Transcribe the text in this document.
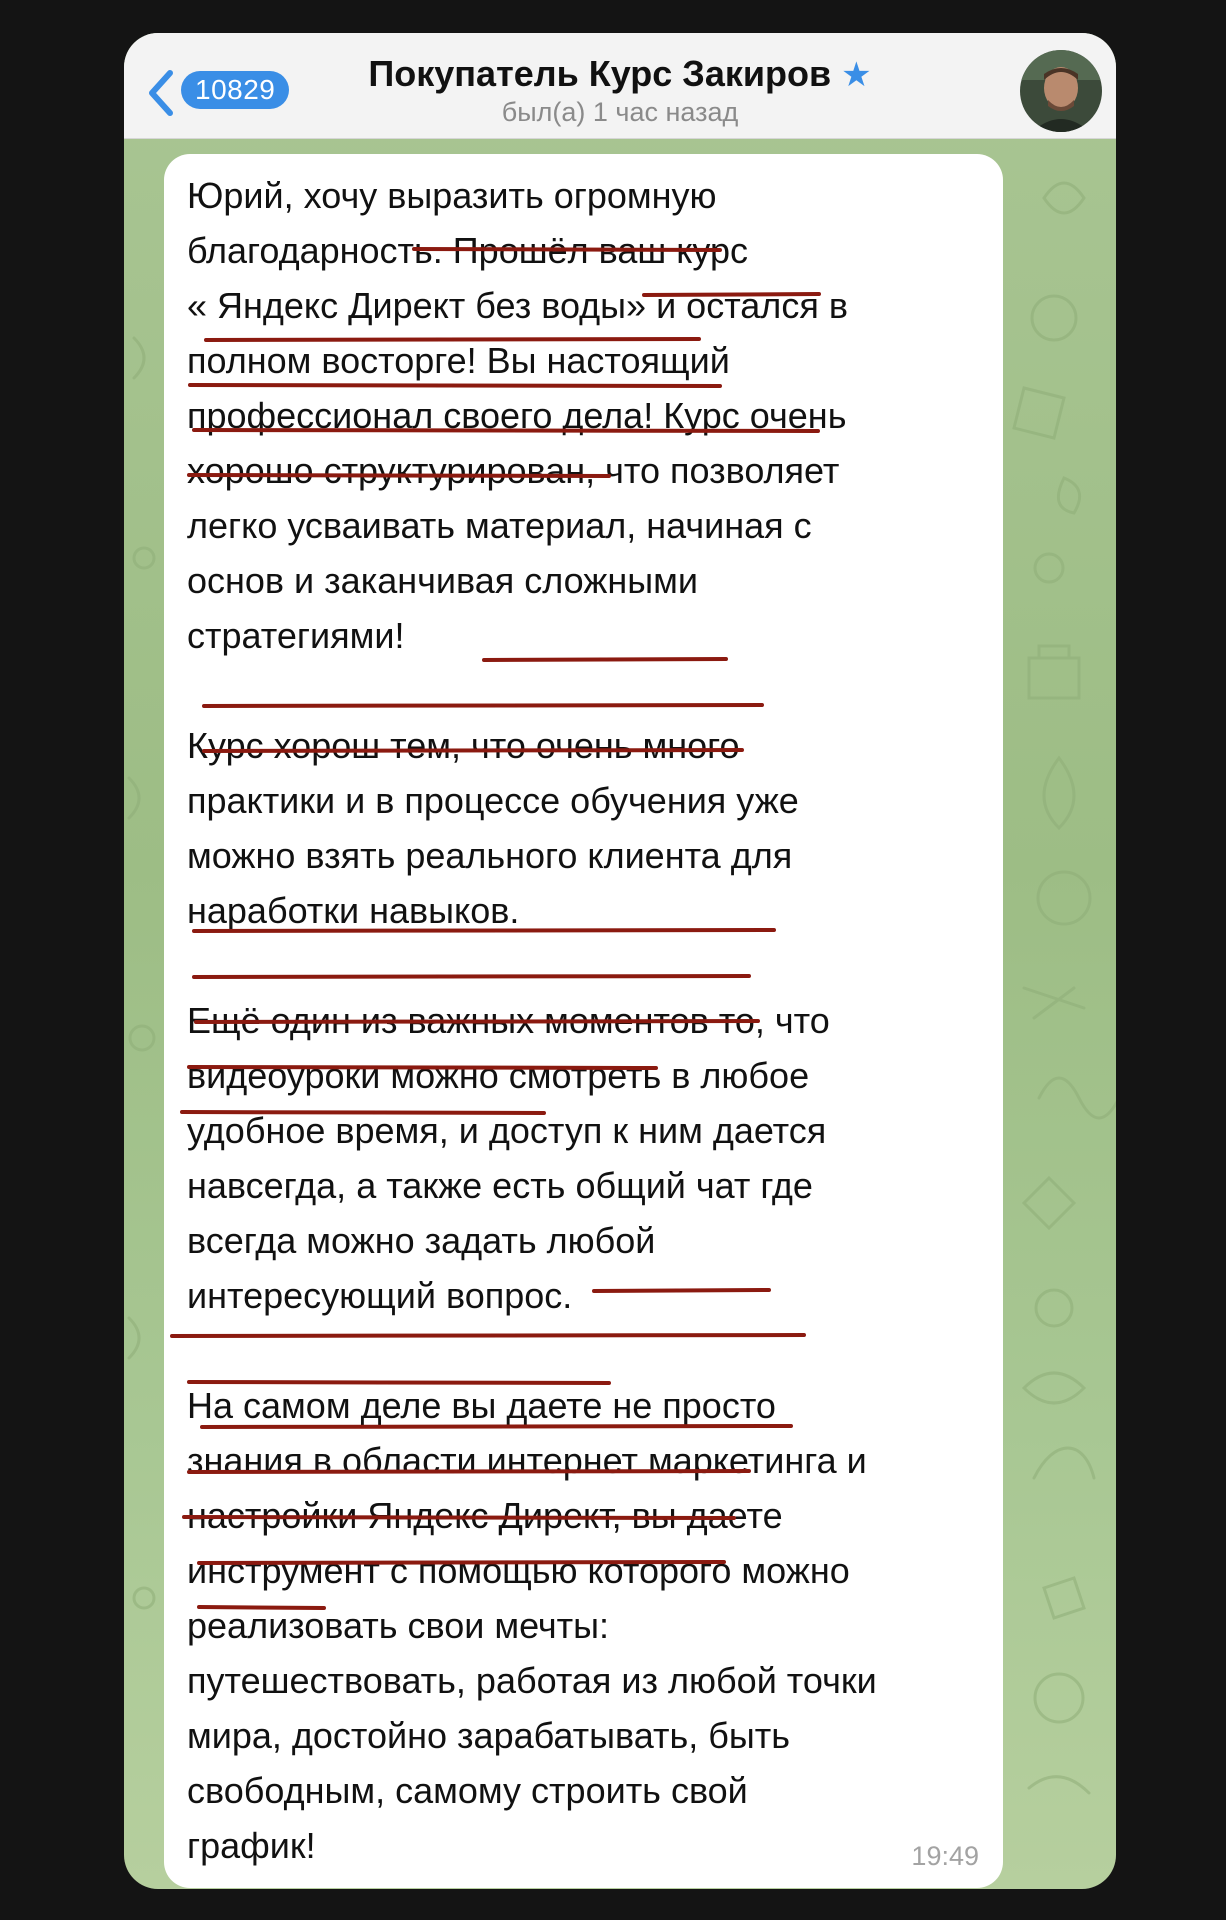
10829	Покупатель Курс Закиров ★
был(а) 1 час назад

Юрий, хочу выразить огромную
благодарность. Прошёл ваш курс
« Яндекс Директ без воды» и остался в
полном восторге! Вы настоящий
профессионал своего дела! Курс очень
хорошо структурирован, что позволяет
легко усваивать материал, начиная с
основ и заканчивая сложными
стратегиями!

Курс хорош тем, что очень много
практики и в процессе обучения уже
можно взять реального клиента для
наработки навыков.

Ещё один из важных моментов то, что
видеоуроки можно смотреть в любое
удобное время, и доступ к ним дается
навсегда, а также есть общий чат где
всегда можно задать любой
интересующий вопрос.

На самом деле вы даете не просто
знания в области интернет маркетинга и
настройки Яндекс Директ, вы даете
инструмент с помощью которого можно
реализовать свои мечты:
путешествовать, работая из любой точки
мира, достойно зарабатывать, быть
свободным, самому строить свой
график!	19:49
